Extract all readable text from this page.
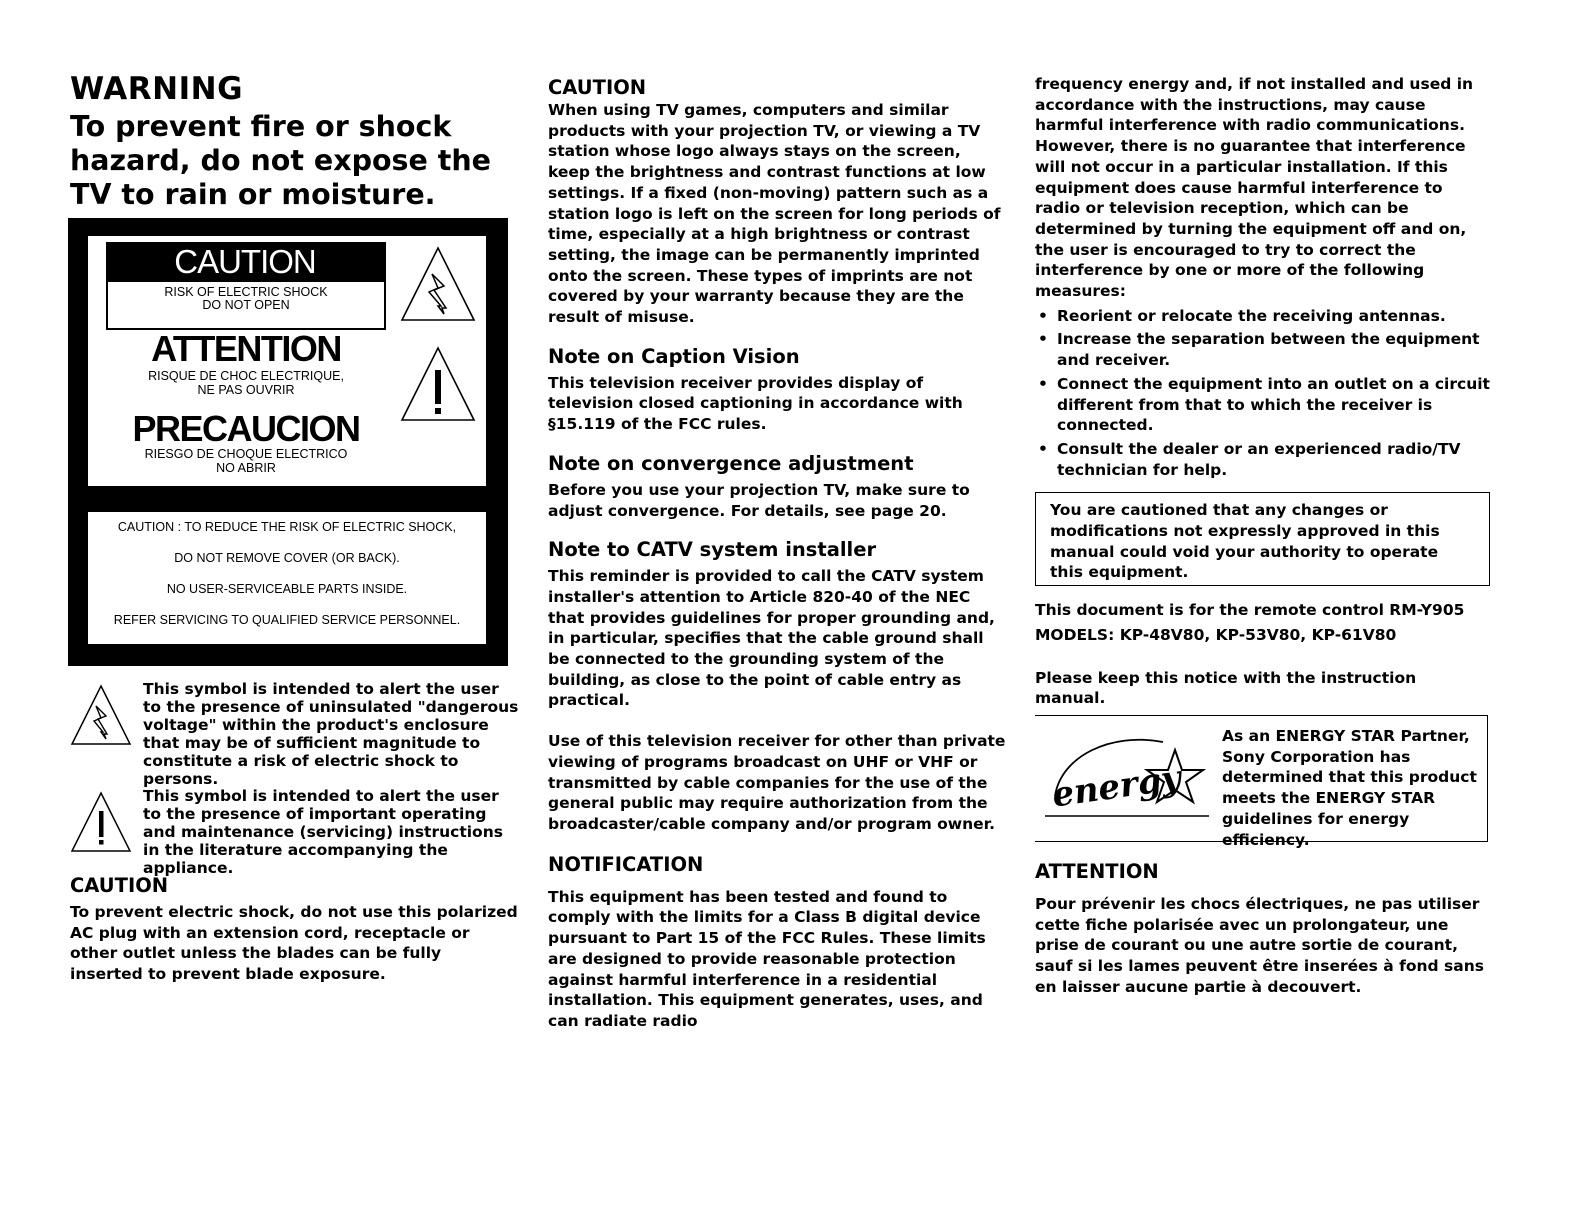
WARNING

To prevent fire or shock hazard, do not expose the TV to rain or moisture.

CAUTION
RISK OF ELECTRIC SHOCK
DO NOT OPEN
ATTENTION
RISQUE DE CHOC ELECTRIQUE,
NE PAS OUVRIR
PRECAUCION
RIESGO DE CHOQUE ELECTRICO
NO ABRIR

CAUTION : TO REDUCE THE RISK OF ELECTRIC SHOCK,

DO NOT REMOVE COVER (OR BACK).

NO USER-SERVICEABLE PARTS INSIDE.

REFER SERVICING TO QUALIFIED SERVICE PERSONNEL.

This symbol is intended to alert the user to the presence of uninsulated "dangerous voltage" within the product's enclosure that may be of sufficient magnitude to constitute a risk of electric shock to persons.
This symbol is intended to alert the user to the presence of important operating and maintenance (servicing) instructions in the literature accompanying the appliance.
CAUTION

To prevent electric shock, do not use this polarized AC plug with an extension cord, receptacle or other outlet unless the blades can be fully inserted to prevent blade exposure.

CAUTION

When using TV games, computers and similar products with your projection TV, or viewing a TV station whose logo always stays on the screen, keep the brightness and contrast functions at low settings. If a fixed (non-moving) pattern such as a station logo is left on the screen for long periods of time, especially at a high brightness or contrast setting, the image can be permanently imprinted onto the screen. These types of imprints are not covered by your warranty because they are the result of misuse.

Note on Caption Vision

This television receiver provides display of television closed captioning in accordance with §15.119 of the FCC rules.

Note on convergence adjustment

Before you use your projection TV, make sure to adjust convergence. For details, see page 20.

Note to CATV system installer

This reminder is provided to call the CATV system installer's attention to Article 820-40 of the NEC that provides guidelines for proper grounding and, in particular, specifies that the cable ground shall be connected to the grounding system of the building, as close to the point of cable entry as practical.

Use of this television receiver for other than private viewing of programs broadcast on UHF or VHF or transmitted by cable companies for the use of the general public may require authorization from the broadcaster/cable company and/or program owner.

NOTIFICATION

This equipment has been tested and found to comply with the limits for a Class B digital device pursuant to Part 15 of the FCC Rules. These limits are designed to provide reasonable protection against harmful interference in a residential installation. This equipment generates, uses, and can radiate radio

frequency energy and, if not installed and used in accordance with the instructions, may cause harmful interference with radio communications. However, there is no guarantee that interference will not occur in a particular installation. If this equipment does cause harmful interference to radio or television reception, which can be determined by turning the equipment off and on, the user is encouraged to try to correct the interference by one or more of the following measures:

• Reorient or relocate the receiving antennas.
• Increase the separation between the equipment and receiver.
• Connect the equipment into an outlet on a circuit different from that to which the receiver is connected.
• Consult the dealer or an experienced radio/TV technician for help.

You are cautioned that any changes or modifications not expressly approved in this manual could void your authority to operate this equipment.

This document is for the remote control RM-Y905

MODELS: KP-48V80, KP-53V80, KP-61V80

Please keep this notice with the instruction manual.

energy
As an ENERGY STAR Partner, Sony Corporation has determined that this product meets the ENERGY STAR guidelines for energy efficiency.
ATTENTION

Pour prévenir les chocs électriques, ne pas utiliser cette fiche polarisée avec un prolongateur, une prise de courant ou une autre sortie de courant, sauf si les lames peuvent être inserées à fond sans en laisser aucune partie à decouvert.
